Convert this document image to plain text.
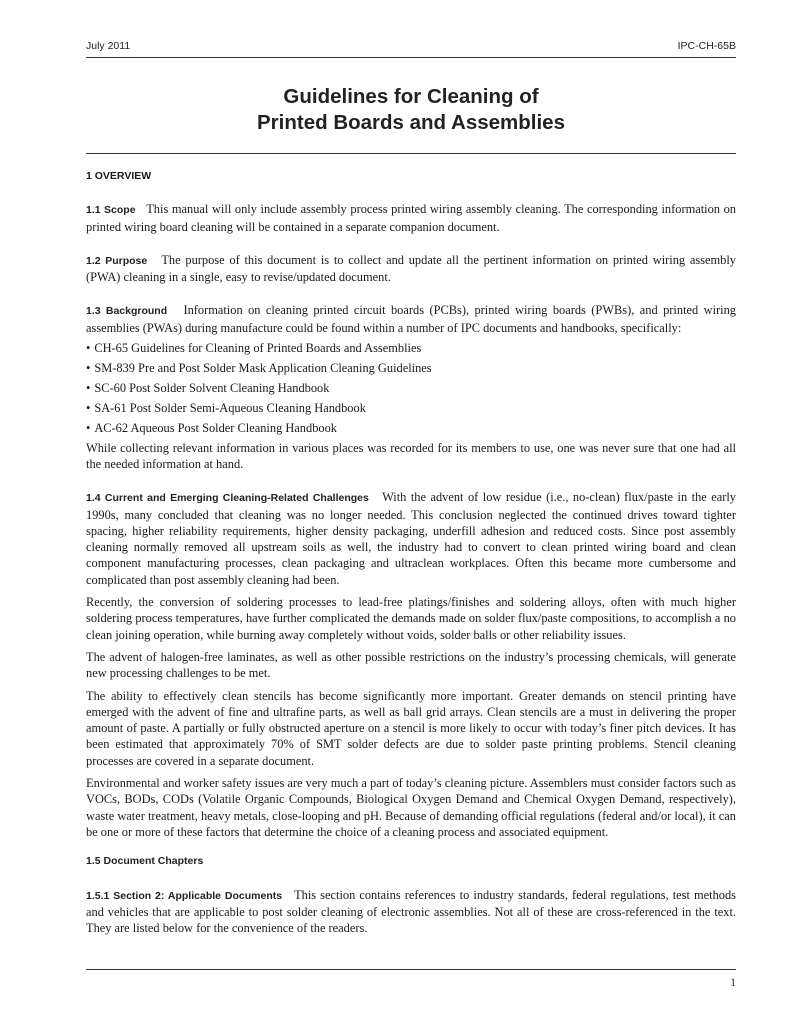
July 2011	IPC-CH-65B
Guidelines for Cleaning of
Printed Boards and Assemblies
1 OVERVIEW

1.1 Scope This manual will only include assembly process printed wiring assembly cleaning. The corresponding information on printed wiring board cleaning will be contained in a separate companion document.

1.2 Purpose The purpose of this document is to collect and update all the pertinent information on printed wiring assembly (PWA) cleaning in a single, easy to revise/updated document.

1.3 Background Information on cleaning printed circuit boards (PCBs), printed wiring boards (PWBs), and printed wiring assemblies (PWAs) during manufacture could be found within a number of IPC documents and handbooks, specifically:

• CH-65 Guidelines for Cleaning of Printed Boards and Assemblies
• SM-839 Pre and Post Solder Mask Application Cleaning Guidelines
• SC-60 Post Solder Solvent Cleaning Handbook
• SA-61 Post Solder Semi-Aqueous Cleaning Handbook
• AC-62 Aqueous Post Solder Cleaning Handbook

While collecting relevant information in various places was recorded for its members to use, one was never sure that one had all the needed information at hand.

1.4 Current and Emerging Cleaning-Related Challenges With the advent of low residue (i.e., no-clean) flux/paste in the early 1990s, many concluded that cleaning was no longer needed. This conclusion neglected the continued drives toward tighter spacing, higher reliability requirements, higher density packaging, underfill adhesion and reduced costs. Since post assembly cleaning normally removed all upstream soils as well, the industry had to convert to clean printed wiring board and clean component manufacturing processes, clean packaging and ultraclean workplaces. Often this became more cumbersome and complicated than post assembly cleaning had been.

Recently, the conversion of soldering processes to lead-free platings/finishes and soldering alloys, often with much higher soldering process temperatures, have further complicated the demands made on solder flux/paste compositions, to accomplish a no clean joining operation, while burning away completely without voids, solder balls or other reliability issues.

The advent of halogen-free laminates, as well as other possible restrictions on the industry’s processing chemicals, will generate new processing challenges to be met.

The ability to effectively clean stencils has become significantly more important. Greater demands on stencil printing have emerged with the advent of fine and ultrafine parts, as well as ball grid arrays. Clean stencils are a must in delivering the proper amount of paste. A partially or fully obstructed aperture on a stencil is more likely to occur with today’s finer pitch devices. It has been estimated that approximately 70% of SMT solder defects are due to solder paste printing problems. Stencil cleaning processes are covered in a separate document.

Environmental and worker safety issues are very much a part of today’s cleaning picture. Assemblers must consider factors such as VOCs, BODs, CODs (Volatile Organic Compounds, Biological Oxygen Demand and Chemical Oxygen Demand, respectively), waste water treatment, heavy metals, close-looping and pH. Because of demanding official regulations (federal and/or local), it can be one or more of these factors that determine the choice of a cleaning process and associated equipment.

1.5 Document Chapters

1.5.1 Section 2: Applicable Documents This section contains references to industry standards, federal regulations, test methods and vehicles that are applicable to post solder cleaning of electronic assemblies. Not all of these are cross-referenced in the text. They are listed below for the convenience of the readers.

1
